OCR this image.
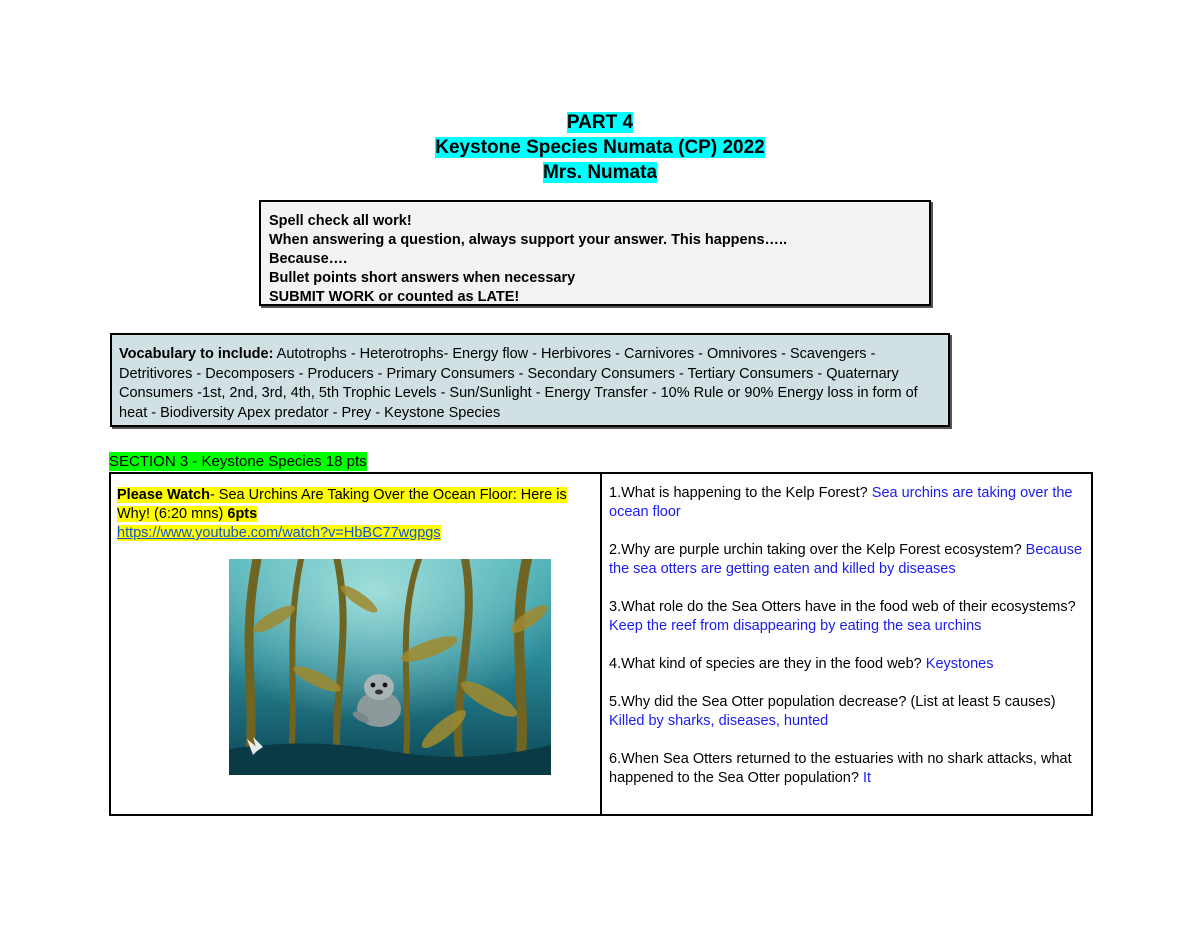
PART 4
Keystone Species Numata (CP) 2022
Mrs. Numata
Spell check all work!
When answering a question, always support your answer. This happens…..
Because….
Bullet points short answers when necessary
SUBMIT WORK or counted as LATE!
Vocabulary to include: Autotrophs - Heterotrophs- Energy flow - Herbivores - Carnivores - Omnivores - Scavengers - Detritivores - Decomposers - Producers - Primary Consumers - Secondary Consumers - Tertiary Consumers - Quaternary Consumers -1st, 2nd, 3rd, 4th, 5th Trophic Levels - Sun/Sunlight - Energy Transfer - 10% Rule or 90% Energy loss in form of heat - Biodiversity Apex predator - Prey - Keystone Species
SECTION 3 - Keystone Species 18 pts
Please Watch- Sea Urchins Are Taking Over the Ocean Floor: Here is Why! (6:20 mns) 6pts
https://www.youtube.com/watch?v=HbBC77wgpgs
1.What is happening to the Kelp Forest? Sea urchins are taking over the ocean floor
2.Why are purple urchin taking over the Kelp Forest ecosystem? Because the sea otters are getting eaten and killed by diseases
3.What role do the Sea Otters have in the food web of their ecosystems? Keep the reef from disappearing by eating the sea urchins
4.What kind of species are they in the food web? Keystones
5.Why did the Sea Otter population decrease? (List at least 5 causes) Killed by sharks, diseases, hunted
6.When Sea Otters returned to the estuaries with no shark attacks, what happened to the Sea Otter population? It
